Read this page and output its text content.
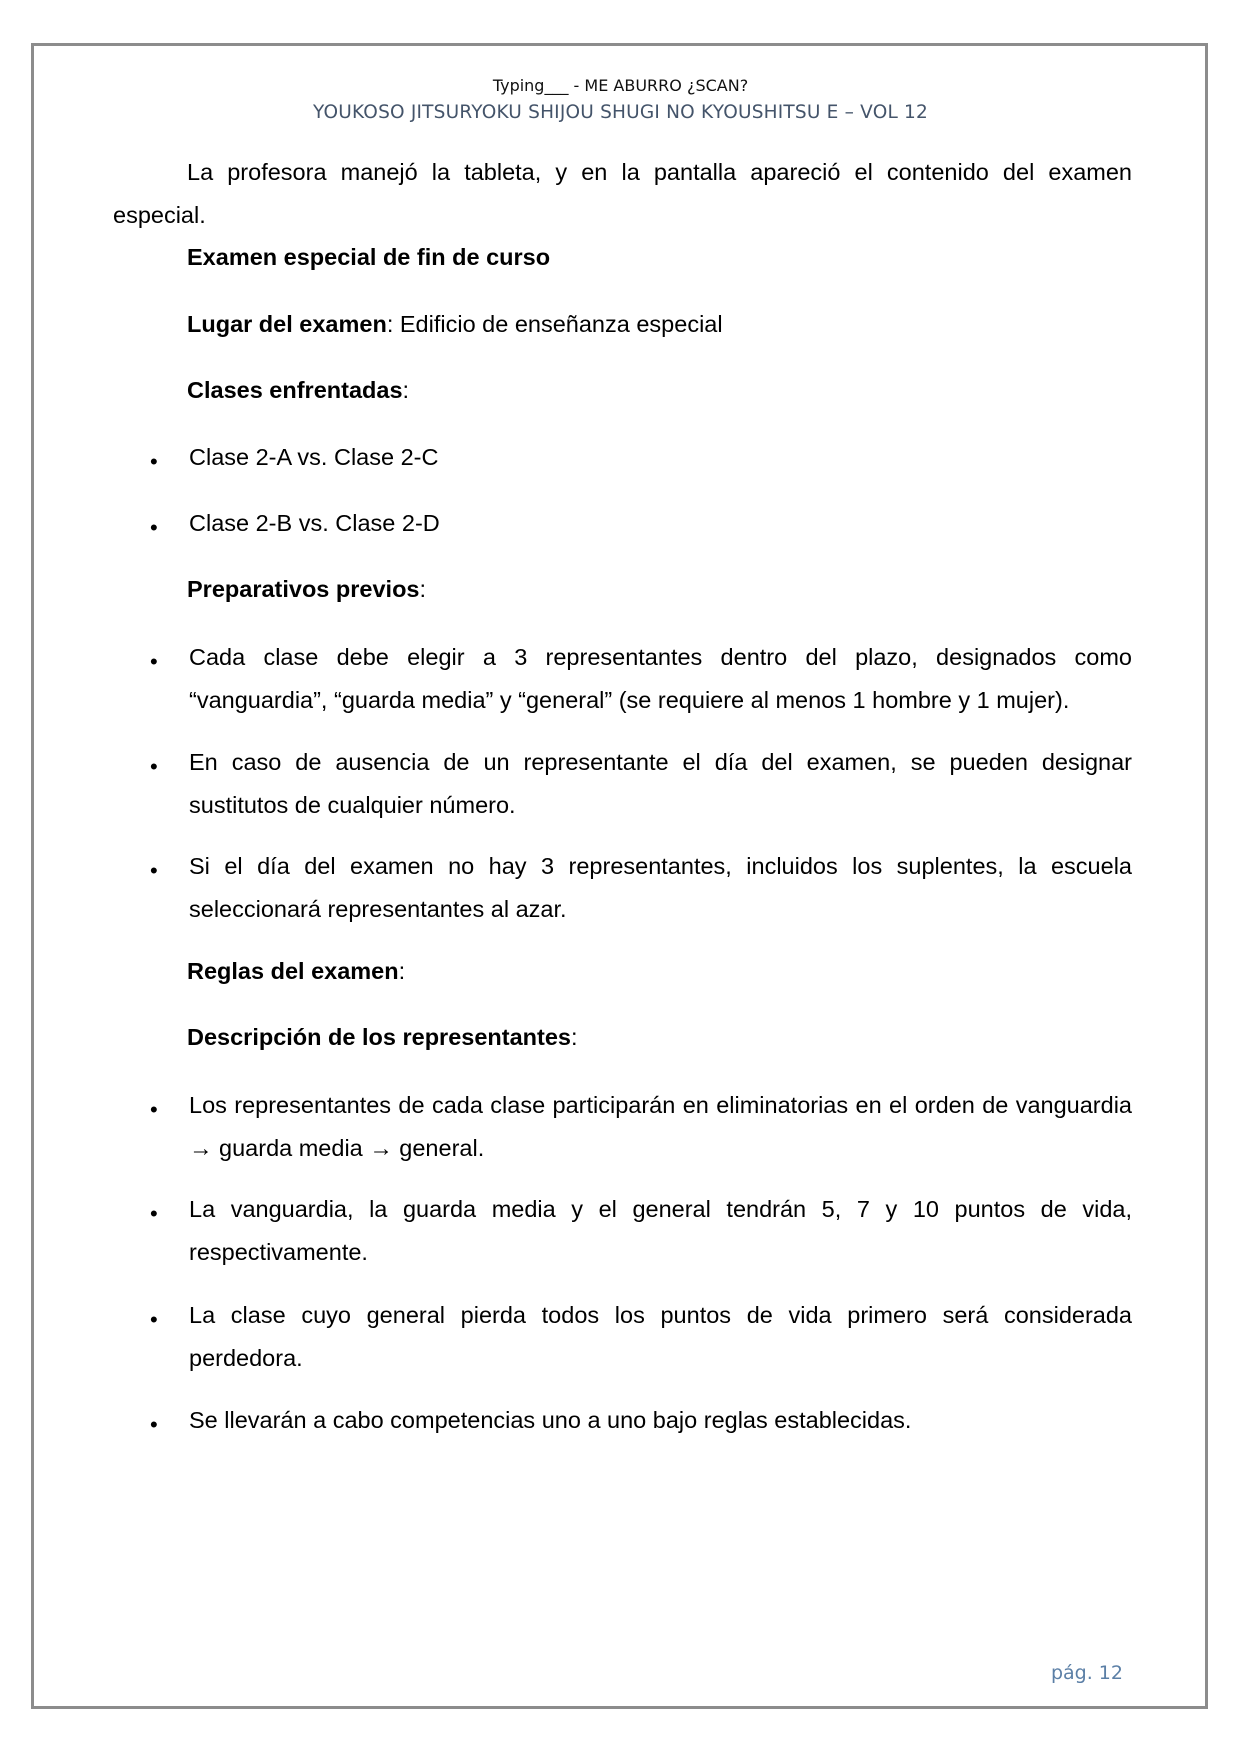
Typing___ - ME ABURRO ¿SCAN?
YOUKOSO JITSURYOKU SHIJOU SHUGI NO KYOUSHITSU E – VOL 12
La profesora manejó la tableta, y en la pantalla apareció el contenido del examen especial.
Examen especial de fin de curso
Lugar del examen: Edificio de enseñanza especial
Clases enfrentadas:
• Clase 2-A vs. Clase 2-C
• Clase 2-B vs. Clase 2-D
Preparativos previos:
• Cada clase debe elegir a 3 representantes dentro del plazo, designados como “vanguardia”, “guarda media” y “general” (se requiere al menos 1 hombre y 1 mujer).
• En caso de ausencia de un representante el día del examen, se pueden designar sustitutos de cualquier número.
• Si el día del examen no hay 3 representantes, incluidos los suplentes, la escuela seleccionará representantes al azar.
Reglas del examen:
Descripción de los representantes:
• Los representantes de cada clase participarán en eliminatorias en el orden de vanguardia → guarda media → general.
• La vanguardia, la guarda media y el general tendrán 5, 7 y 10 puntos de vida, respectivamente.
• La clase cuyo general pierda todos los puntos de vida primero será considerada perdedora.
• Se llevarán a cabo competencias uno a uno bajo reglas establecidas.
pág. 12
